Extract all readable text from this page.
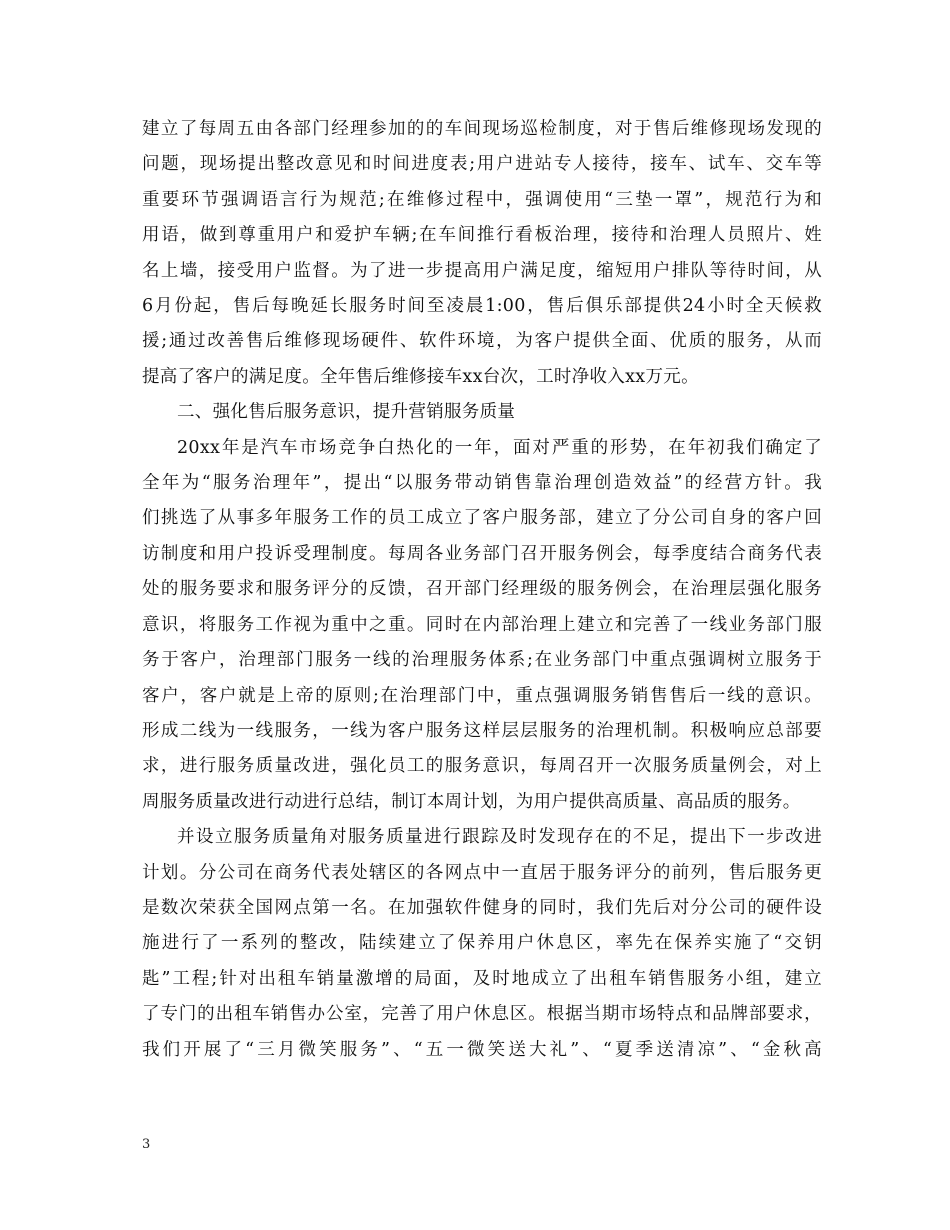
建立了每周五由各部门经理参加的的车间现场巡检制度，对于售后维修现场发现的
问题，现场提出整改意见和时间进度表;用户进站专人接待，接车、试车、交车等
重要环节强调语言行为规范;在维修过程中，强调使用“三垫一罩”，规范行为和
用语，做到尊重用户和爱护车辆;在车间推行看板治理，接待和治理人员照片、姓
名上墙，接受用户监督。为了进一步提高用户满足度，缩短用户排队等待时间，从
6月份起，售后每晚延长服务时间至凌晨1:00，售后俱乐部提供24小时全天候救
援;通过改善售后维修现场硬件、软件环境，为客户提供全面、优质的服务，从而
提高了客户的满足度。全年售后维修接车xx台次，工时净收入xx万元。
二、强化售后服务意识，提升营销服务质量
20xx年是汽车市场竞争白热化的一年，面对严重的形势，在年初我们确定了
全年为“服务治理年”，提出“以服务带动销售靠治理创造效益”的经营方针。我
们挑选了从事多年服务工作的员工成立了客户服务部，建立了分公司自身的客户回
访制度和用户投诉受理制度。每周各业务部门召开服务例会，每季度结合商务代表
处的服务要求和服务评分的反馈，召开部门经理级的服务例会，在治理层强化服务
意识，将服务工作视为重中之重。同时在内部治理上建立和完善了一线业务部门服
务于客户，治理部门服务一线的治理服务体系;在业务部门中重点强调树立服务于
客户，客户就是上帝的原则;在治理部门中，重点强调服务销售售后一线的意识。
形成二线为一线服务，一线为客户服务这样层层服务的治理机制。积极响应总部要
求，进行服务质量改进，强化员工的服务意识，每周召开一次服务质量例会，对上
周服务质量改进行动进行总结，制订本周计划，为用户提供高质量、高品质的服务。
并设立服务质量角对服务质量进行跟踪及时发现存在的不足，提出下一步改进
计划。分公司在商务代表处辖区的各网点中一直居于服务评分的前列，售后服务更
是数次荣获全国网点第一名。在加强软件健身的同时，我们先后对分公司的硬件设
施进行了一系列的整改，陆续建立了保养用户休息区，率先在保养实施了“交钥
匙”工程;针对出租车销量激增的局面，及时地成立了出租车销售服务小组，建立
了专门的出租车销售办公室，完善了用户休息区。根据当期市场特点和品牌部要求，
我们开展了“三月微笑服务”、“五一微笑送大礼”、“夏季送清凉”、“金秋高
3
